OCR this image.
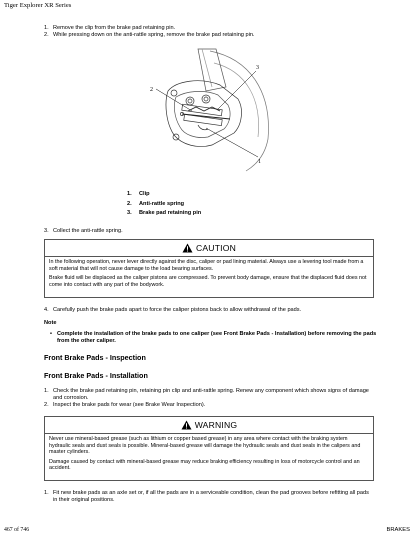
Tiger Explorer XR Series
1. Remove the clip from the brake pad retaining pin.
2. While pressing down on the anti-rattle spring, remove the brake pad retaining pin.
2
3
1
1.	Clip
2.	Anti-rattle spring
3.	Brake pad retaining pin
3. Collect the anti-rattle spring.
CAUTION

In the following operation, never lever directly against the disc, caliper or pad lining material. Always use a levering tool made from a soft material that will not cause damage to the load bearing surfaces.

Brake fluid will be displaced as the caliper pistons are compressed. To prevent body damage, ensure that the displaced fluid does not come into contact with any part of the bodywork.

4. Carefully push the brake pads apart to force the caliper pistons back to allow withdrawal of the pads.
Note
• Complete the installation of the brake pads to one caliper (see Front Brake Pads - Installation) before removing the pads from the other caliper.
Front Brake Pads - Inspection
Front Brake Pads - Installation
1. Check the brake pad retaining pin, retaining pin clip and anti-rattle spring. Renew any component which shows signs of damage and corrosion.
2. Inspect the brake pads for wear (see Brake Wear Inspection).
WARNING

Never use mineral-based grease (such as lithium or copper based grease) in any area where contact with the braking system hydraulic seals and dust seals is possible. Mineral-based grease will damage the hydraulic seals and dust seals in the calipers and master cylinders.

Damage caused by contact with mineral-based grease may reduce braking efficiency resulting in loss of motorcycle control and an accident.

1. Fit new brake pads as an axle set or, if all the pads are in a serviceable condition, clean the pad grooves before refitting all pads in their original positions.
467 of 746	BRAKES
